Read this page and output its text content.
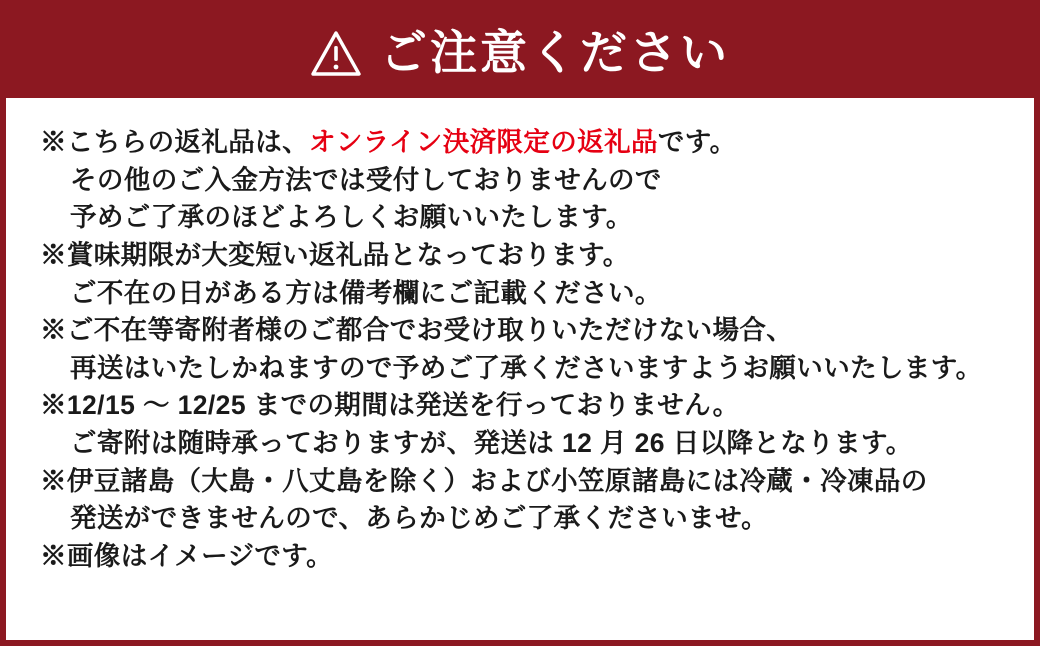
ご注意ください
※こちらの返礼品は、オンライン決済限定の返礼品です。
その他のご入金方法では受付しておりませんので
予めご了承のほどよろしくお願いいたします。
※賞味期限が大変短い返礼品となっております。
ご不在の日がある方は備考欄にご記載ください。
※ご不在等寄附者様のご都合でお受け取りいただけない場合、
再送はいたしかねますので予めご了承くださいますようお願いいたします。
※12/15 ～ 12/25 までの期間は発送を行っておりません。
ご寄附は随時承っておりますが、発送は 12 月 26 日以降となります。
※伊豆諸島（大島・八丈島を除く）および小笠原諸島には冷蔵・冷凍品の
発送ができませんので、あらかじめご了承くださいませ。
※画像はイメージです。
